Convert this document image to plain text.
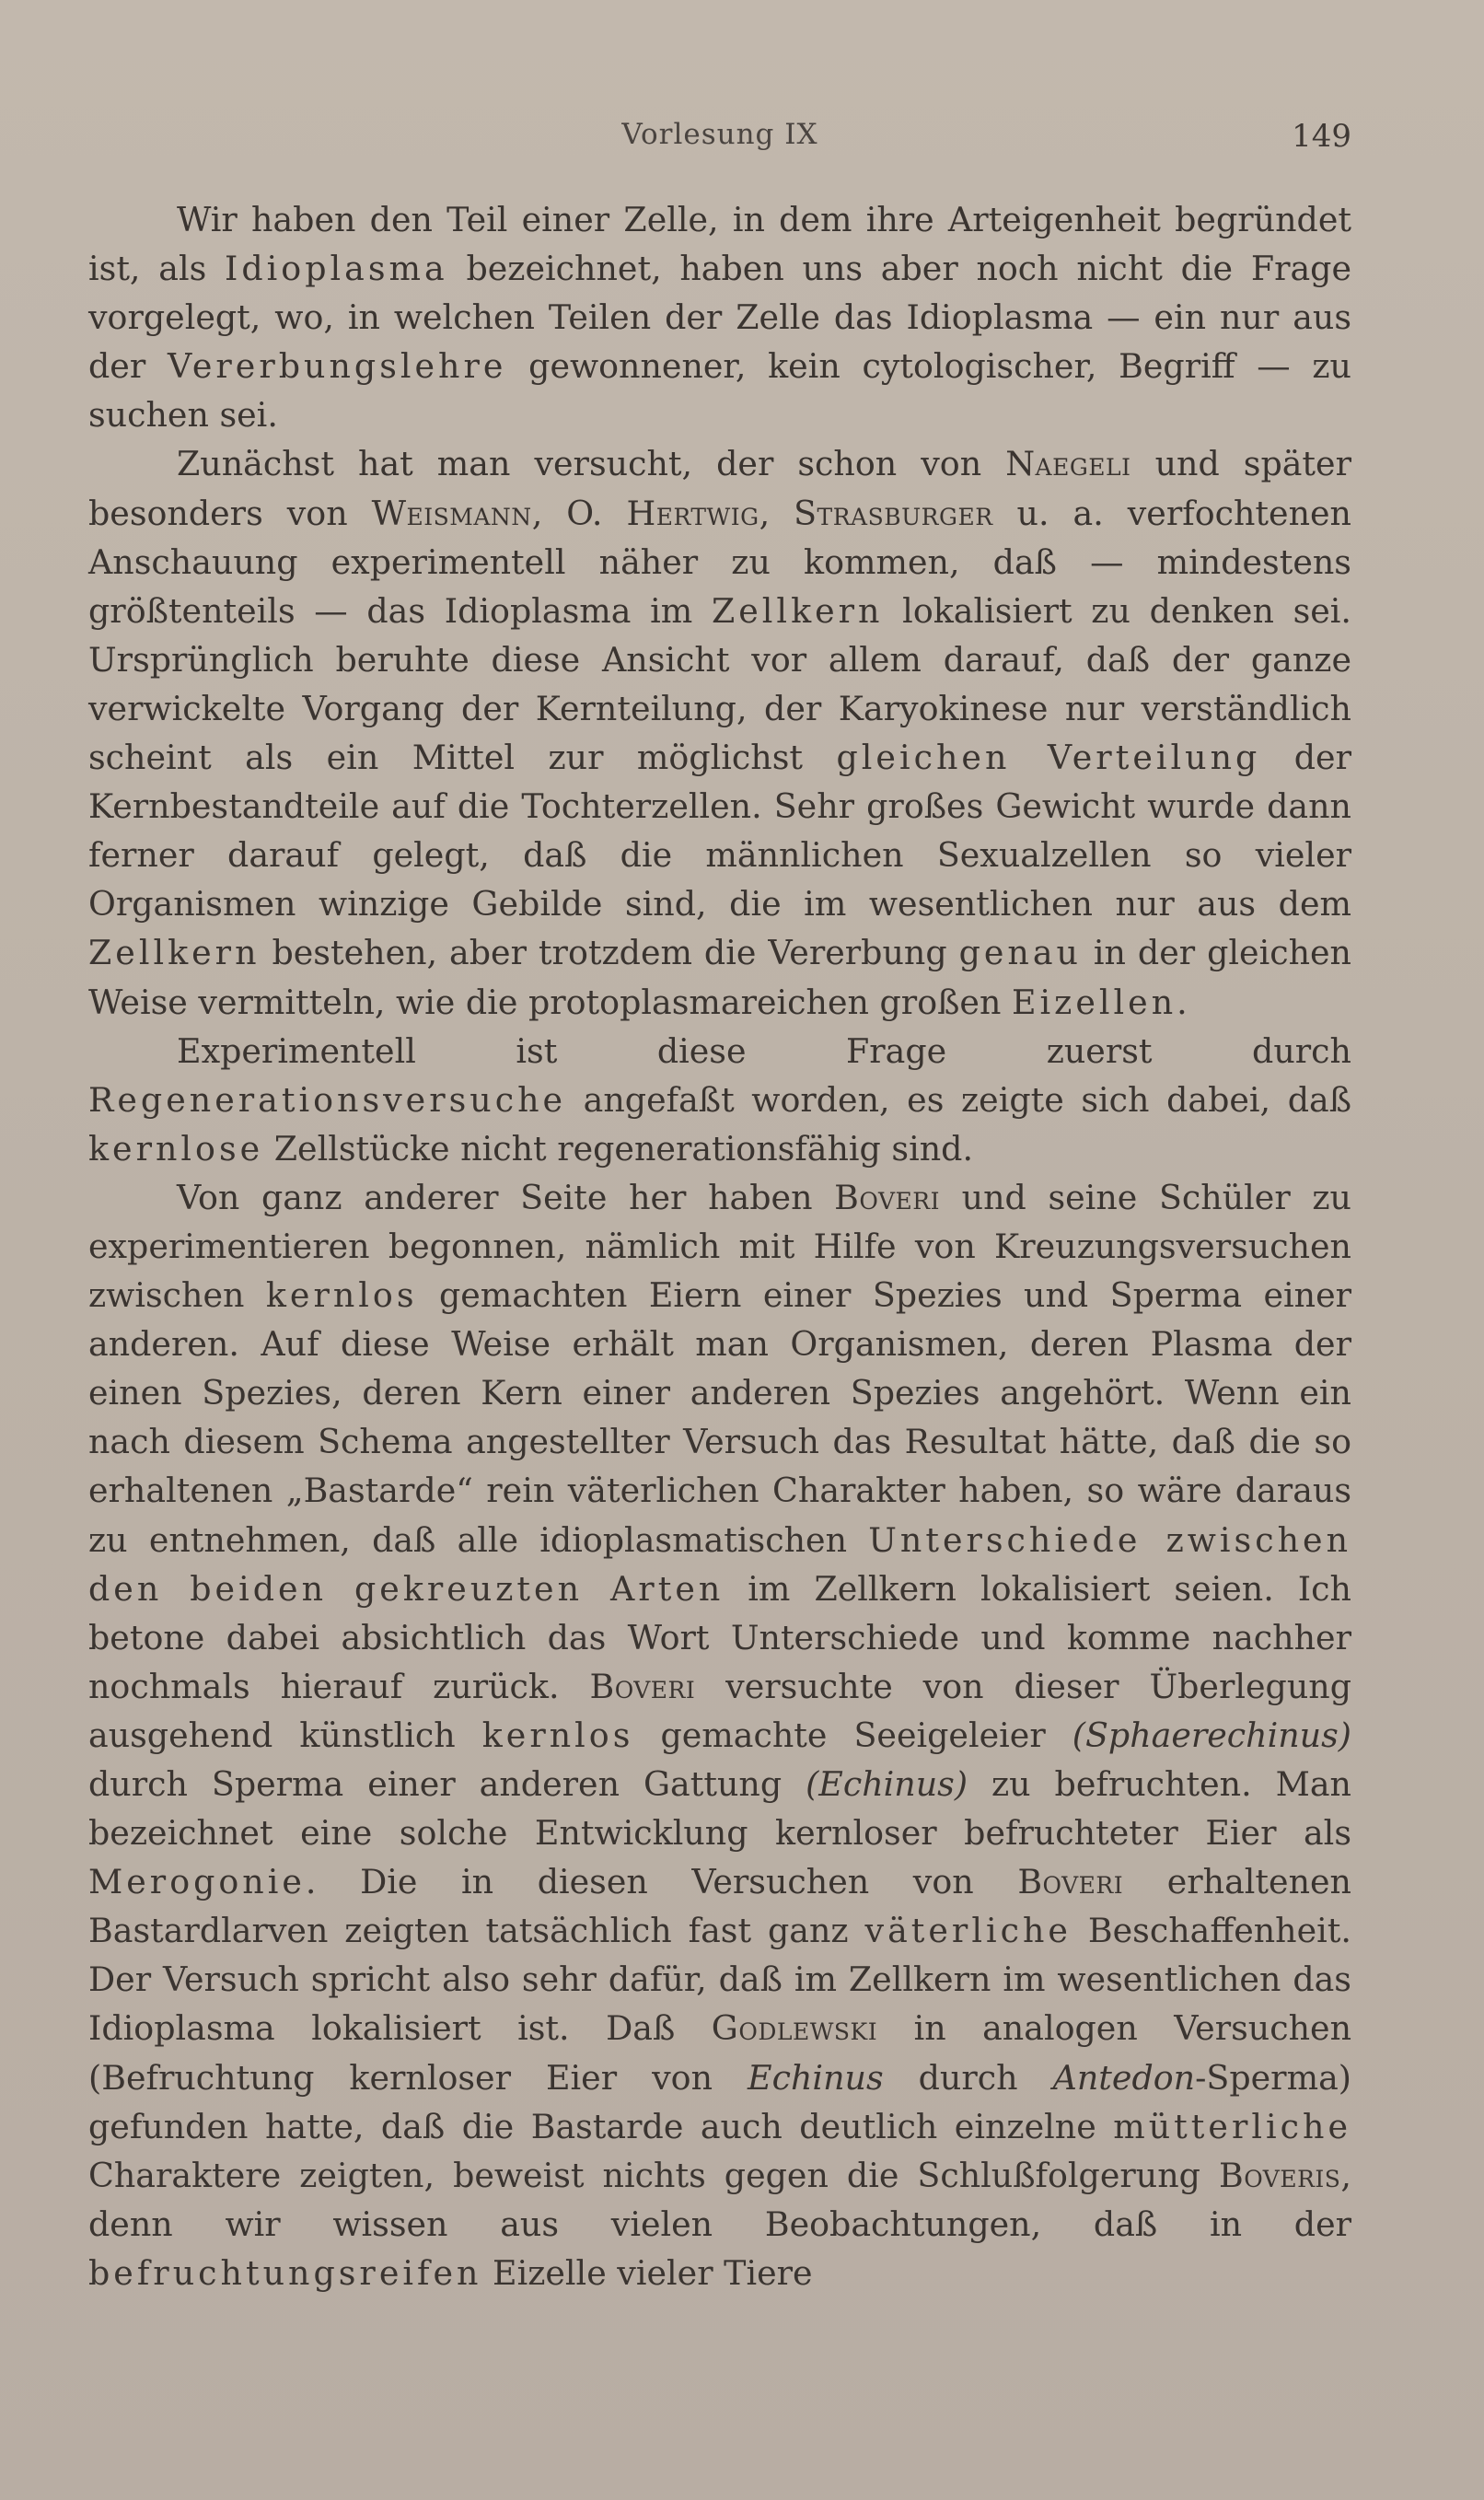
Vorlesung IX	149

Wir haben den Teil einer Zelle, in dem ihre Arteigenheit begründet ist, als Idioplasma bezeichnet, haben uns aber noch nicht die Frage vorgelegt, wo, in welchen Teilen der Zelle das Idioplasma — ein nur aus der Vererbungslehre gewonnener, kein cytologischer, Begriff — zu suchen sei.

Zunächst hat man versucht, der schon von Naegeli und später besonders von Weismann, O. Hertwig, Strasburger u. a. verfochtenen Anschauung experimentell näher zu kommen, daß — mindestens größtenteils — das Idioplasma im Zellkern lokalisiert zu denken sei. Ursprünglich beruhte diese Ansicht vor allem darauf, daß der ganze verwickelte Vorgang der Kernteilung, der Karyokinese nur verständlich scheint als ein Mittel zur möglichst gleichen Verteilung der Kernbestandteile auf die Tochterzellen. Sehr großes Gewicht wurde dann ferner darauf gelegt, daß die männlichen Sexualzellen so vieler Organismen winzige Gebilde sind, die im wesentlichen nur aus dem Zellkern bestehen, aber trotzdem die Vererbung genau in der gleichen Weise vermitteln, wie die protoplasmareichen großen Eizellen.

Experimentell ist diese Frage zuerst durch Regenerationsversuche angefaßt worden, es zeigte sich dabei, daß kernlose Zellstücke nicht regenerationsfähig sind.

Von ganz anderer Seite her haben Boveri und seine Schüler zu experimentieren begonnen, nämlich mit Hilfe von Kreuzungsversuchen zwischen kernlos gemachten Eiern einer Spezies und Sperma einer anderen. Auf diese Weise erhält man Organismen, deren Plasma der einen Spezies, deren Kern einer anderen Spezies angehört. Wenn ein nach diesem Schema angestellter Versuch das Resultat hätte, daß die so erhaltenen „Bastarde“ rein väterlichen Charakter haben, so wäre daraus zu entnehmen, daß alle idioplasmatischen Unterschiede zwischen den beiden gekreuzten Arten im Zellkern lokalisiert seien. Ich betone dabei absichtlich das Wort Unterschiede und komme nachher nochmals hierauf zurück. Boveri versuchte von dieser Überlegung ausgehend künstlich kernlos gemachte Seeigeleier (Sphaerechinus) durch Sperma einer anderen Gattung (Echinus) zu befruchten. Man bezeichnet eine solche Entwicklung kernloser befruchteter Eier als Merogonie. Die in diesen Versuchen von Boveri erhaltenen Bastardlarven zeigten tatsächlich fast ganz väterliche Beschaffenheit. Der Versuch spricht also sehr dafür, daß im Zellkern im wesentlichen das Idioplasma lokalisiert ist. Daß Godlewski in analogen Versuchen (Befruchtung kernloser Eier von Echinus durch Antedon-Sperma) gefunden hatte, daß die Bastarde auch deutlich einzelne mütterliche Charaktere zeigten, beweist nichts gegen die Schlußfolgerung Boveris, denn wir wissen aus vielen Beobachtungen, daß in der befruchtungsreifen Eizelle vieler Tiere
